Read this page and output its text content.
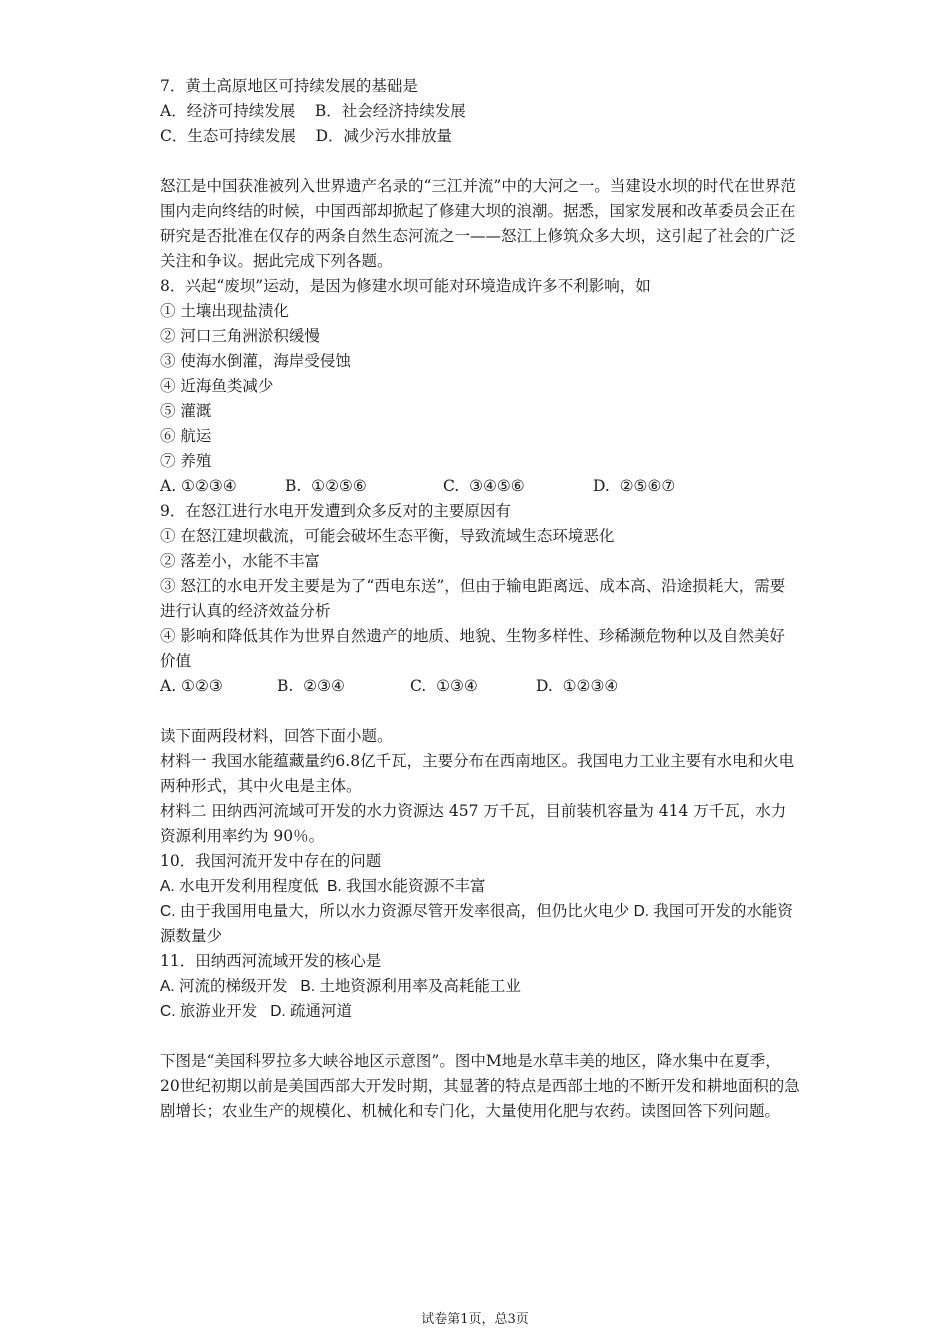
7．黄土高原地区可持续发展的基础是
A．经济可持续发展    B．社会经济持续发展
C．生态可持续发展    D．减少污水排放量
怒江是中国获准被列入世界遗产名录的“三江并流”中的大河之一。当建设水坝的时代在世界范围内走向终结的时候，中国西部却掀起了修建大坝的浪潮。据悉，国家发展和改革委员会正在研究是否批准在仅存的两条自然生态河流之一——怒江上修筑众多大坝，这引起了社会的广泛关注和争议。据此完成下列各题。
8．兴起“废坝”运动，是因为修建水坝可能对环境造成许多不利影响，如
① 土壤出现盐渍化
② 河口三角洲淤积缓慢
③ 使海水倒灌，海岸受侵蚀
④ 近海鱼类减少
⑤ 灌溉
⑥ 航运
⑦ 养殖
A. ①②③④	B.  ①②⑤⑥	C.  ③④⑤⑥	D.  ②⑤⑥⑦
9．在怒江进行水电开发遭到众多反对的主要原因有
① 在怒江建坝截流，可能会破坏生态平衡，导致流域生态环境恶化
② 落差小，水能不丰富
③ 怒江的水电开发主要是为了“西电东送”，但由于输电距离远、成本高、沿途损耗大，需要进行认真的经济效益分析
④ 影响和降低其作为世界自然遗产的地质、地貌、生物多样性、珍稀濒危物种以及自然美好价值
A. ①②③	B.  ②③④	C.  ①③④	D.  ①②③④
读下面两段材料，回答下面小题。
材料一 我国水能蕴藏量约6.8亿千瓦，主要分布在西南地区。我国电力工业主要有水电和火电两种形式，其中火电是主体。
材料二 田纳西河流域可开发的水力资源达 457 万千瓦，目前装机容量为 414 万千瓦，水力资源利用率约为 90％。
10．我国河流开发中存在的问题
A. 水电开发利用程度低  B. 我国水能资源不丰富
C. 由于我国用电量大，所以水力资源尽管开发率很高，但仍比火电少 D. 我国可开发的水能资源数量少
11．田纳西河流域开发的核心是
A. 河流的梯级开发   B. 土地资源利用率及高耗能工业
C. 旅游业开发   D. 疏通河道
下图是“美国科罗拉多大峡谷地区示意图”。图中M地是水草丰美的地区，降水集中在夏季，20世纪初期以前是美国西部大开发时期，其显著的特点是西部土地的不断开发和耕地面积的急剧增长；农业生产的规模化、机械化和专门化，大量使用化肥与农药。读图回答下列问题。
试卷第1页，总3页
